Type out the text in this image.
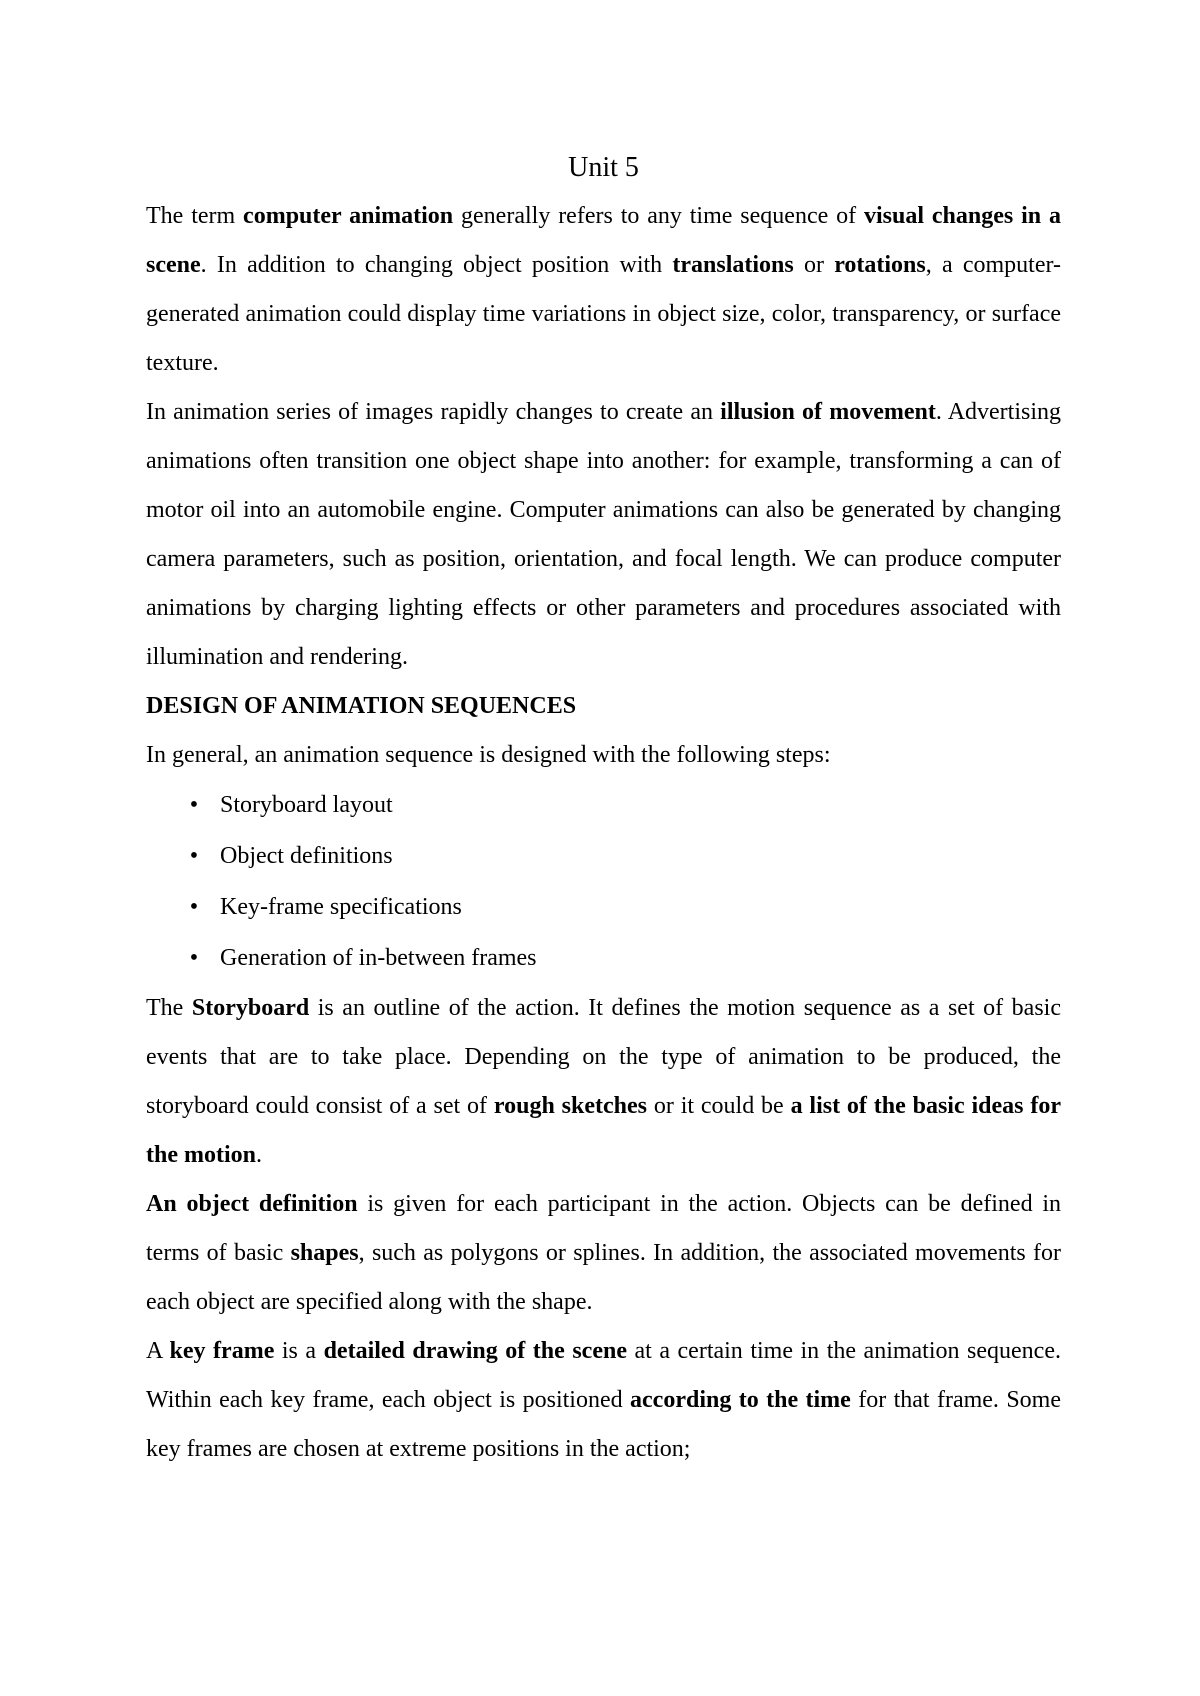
Unit 5

The term computer animation generally refers to any time sequence of visual changes in a scene. In addition to changing object position with translations or rotations, a computer-generated animation could display time variations in object size, color, transparency, or surface texture.

In animation series of images rapidly changes to create an illusion of movement. Advertising animations often transition one object shape into another: for example, transforming a can of motor oil into an automobile engine. Computer animations can also be generated by changing camera parameters, such as position, orientation, and focal length. We can produce computer animations by charging lighting effects or other parameters and procedures associated with illumination and rendering.

DESIGN OF ANIMATION SEQUENCES

In general, an animation sequence is designed with the following steps:

• Storyboard layout
• Object definitions
• Key-frame specifications
• Generation of in-between frames

The Storyboard is an outline of the action. It defines the motion sequence as a set of basic events that are to take place. Depending on the type of animation to be produced, the storyboard could consist of a set of rough sketches or it could be a list of the basic ideas for the motion.

An object definition is given for each participant in the action. Objects can be defined in terms of basic shapes, such as polygons or splines. In addition, the associated movements for each object are specified along with the shape.

A key frame is a detailed drawing of the scene at a certain time in the animation sequence. Within each key frame, each object is positioned according to the time for that frame. Some key frames are chosen at extreme positions in the action;
